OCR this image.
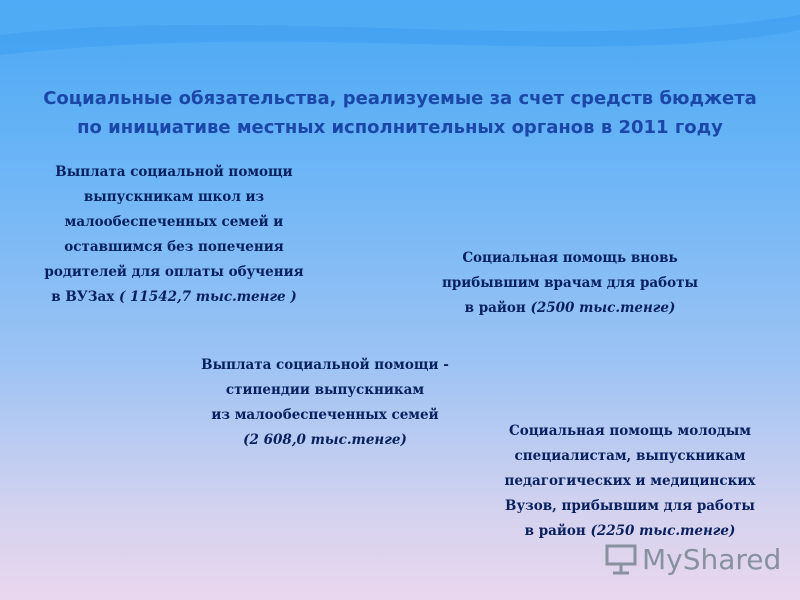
Социальные обязательства, реализуемые за счет средств бюджета
по инициативе местных исполнительных органов в 2011 году
Выплата социальной помощи
выпускникам школ из
малообеспеченных семей и
оставшимся без попечения
родителей для оплаты обучения
в ВУЗах ( 11542,7 тыс.тенге )
Социальная помощь вновь
прибывшим врачам для работы
в район (2500 тыс.тенге)
Выплата социальной помощи -
стипендии выпускникам
из малообеспеченных семей
(2 608,0 тыс.тенге)
Социальная помощь молодым
специалистам, выпускникам
педагогических и медицинских
Вузов, прибывшим для работы
в район (2250 тыс.тенге)
MyShared
